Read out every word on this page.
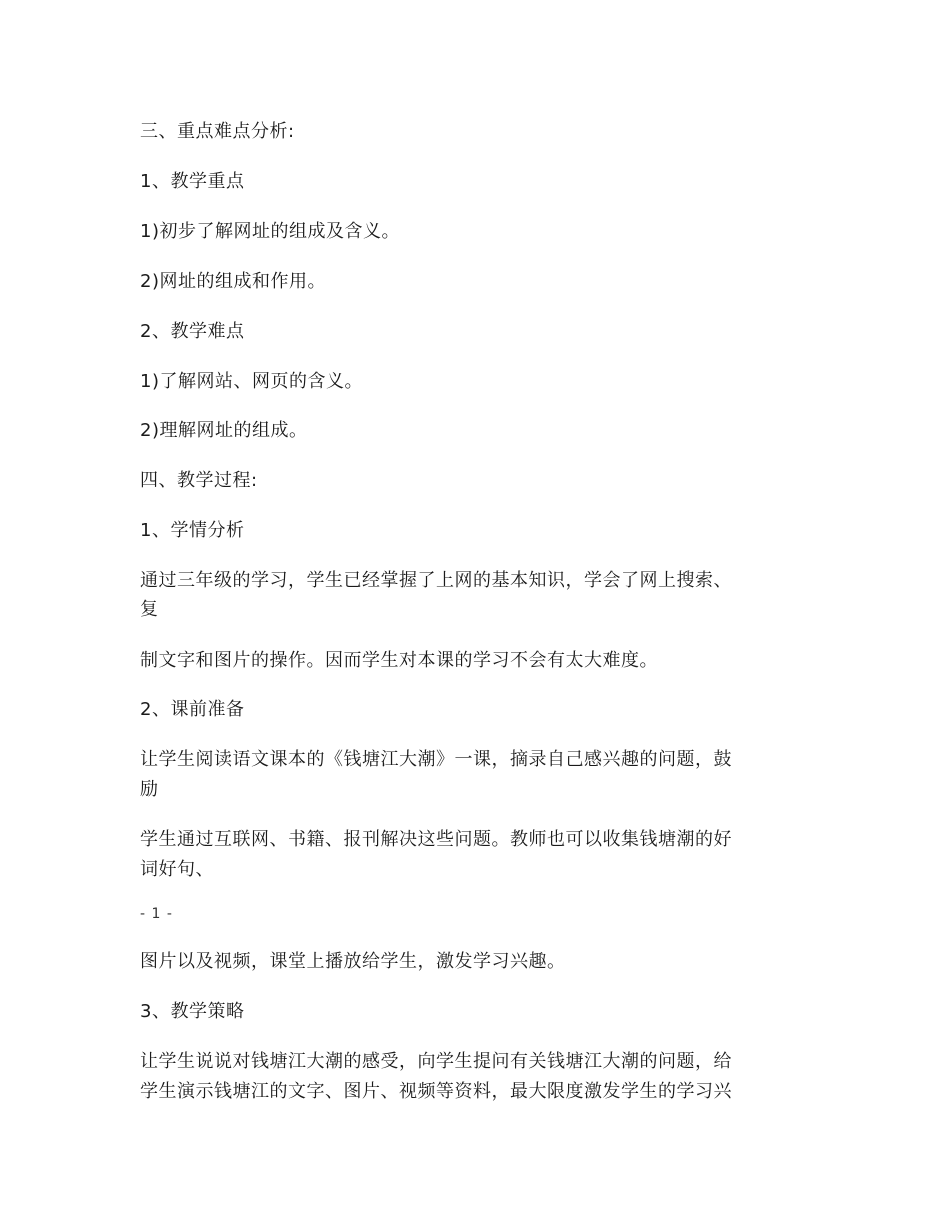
三、重点难点分析:
1、教学重点
1)初步了解网址的组成及含义。
2)网址的组成和作用。
2、教学难点
1)了解网站、网页的含义。
2)理解网址的组成。
四、教学过程:
1、学情分析
通过三年级的学习，学生已经掌握了上网的基本知识，学会了网上搜索、
复
制文字和图片的操作。因而学生对本课的学习不会有太大难度。
2、课前准备
让学生阅读语文课本的《钱塘江大潮》一课，摘录自己感兴趣的问题，鼓
励
学生通过互联网、书籍、报刊解决这些问题。教师也可以收集钱塘潮的好
词好句、
- 1 -
图片以及视频，课堂上播放给学生，激发学习兴趣。
3、教学策略
让学生说说对钱塘江大潮的感受，向学生提问有关钱塘江大潮的问题，给
学生演示钱塘江的文字、图片、视频等资料，最大限度激发学生的学习兴
